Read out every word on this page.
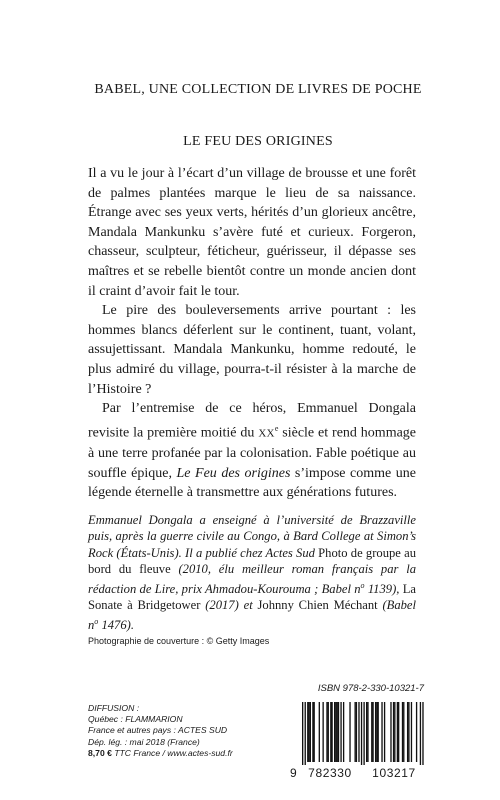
BABEL, UNE COLLECTION DE LIVRES DE POCHE
LE FEU DES ORIGINES

Il a vu le jour à l’écart d’un village de brousse et une forêt de palmes plantées marque le lieu de sa naissance. Étrange avec ses yeux verts, hérités d’un glorieux ancêtre, Mandala Mankunku s’avère futé et curieux. Forgeron, chasseur, sculpteur, féticheur, guérisseur, il dépasse ses maîtres et se rebelle bientôt contre un monde ancien dont il craint d’avoir fait le tour.

Le pire des bouleversements arrive pourtant : les hommes blancs déferlent sur le continent, tuant, volant, assujettissant. Mandala Mankunku, homme redouté, le plus admiré du village, pourra-t-il résister à la marche de l’Histoire ?

Par l’entremise de ce héros, Emmanuel Dongala revisite la première moitié du XXe siècle et rend hommage à une terre profanée par la colonisation. Fable poétique au souffle épique, Le Feu des origines s’impose comme une légende éternelle à transmettre aux générations futures.

Emmanuel Dongala a enseigné à l’université de Brazzaville puis, après la guerre civile au Congo, à Bard College at Simon’s Rock (États-Unis). Il a publié chez Actes Sud Photo de groupe au bord du fleuve (2010, élu meilleur roman français par la rédaction de Lire, prix Ahmadou-Kourouma ; Babel $n^o$ 1139), La Sonate à Bridgetower (2017) et Johnny Chien Méchant (Babel $n^o$ 1476).
Photographie de couverture : © Getty Images
ISBN 978-2-330-10321-7
DIFFUSION :
Québec : FLAMMARION
France et autres pays : ACTES SUD
Dép. lég. : mai 2018 (France)
8,70 € TTC France / www.actes-sud.fr
9 782330 103217
